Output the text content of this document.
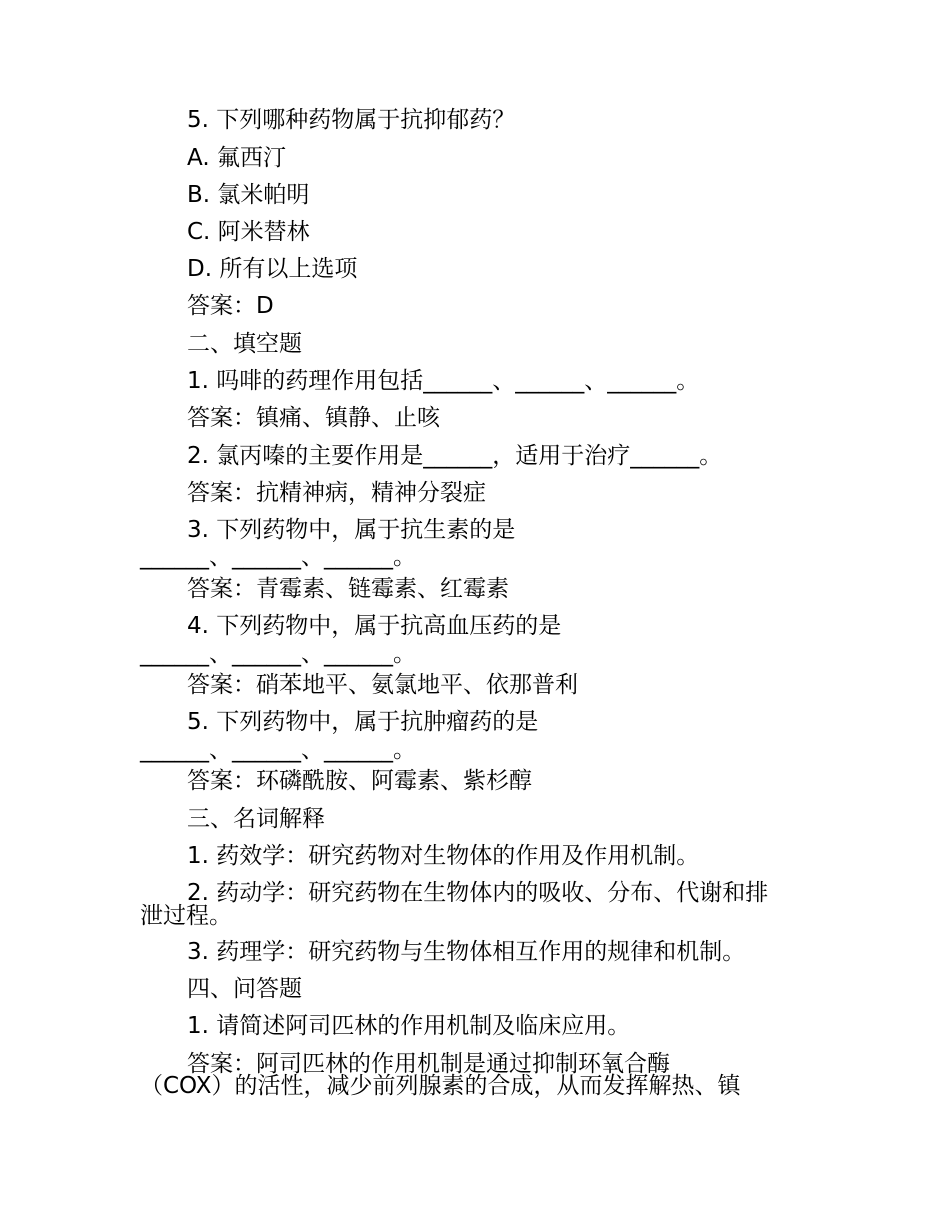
5. 下列哪种药物属于抗抑郁药？
A. 氟西汀
B. 氯米帕明
C. 阿米替林
D. 所有以上选项
答案：D
二、填空题
1. 吗啡的药理作用包括______、______、______。
答案：镇痛、镇静、止咳
2. 氯丙嗪的主要作用是______，适用于治疗______。
答案：抗精神病，精神分裂症
3. 下列药物中，属于抗生素的是
______、______、______。
答案：青霉素、链霉素、红霉素
4. 下列药物中，属于抗高血压药的是
______、______、______。
答案：硝苯地平、氨氯地平、依那普利
5. 下列药物中，属于抗肿瘤药的是
______、______、______。
答案：环磷酰胺、阿霉素、紫杉醇
三、名词解释
1. 药效学：研究药物对生物体的作用及作用机制。
2. 药动学：研究药物在生物体内的吸收、分布、代谢和排
泄过程。
3. 药理学：研究药物与生物体相互作用的规律和机制。
四、问答题
1. 请简述阿司匹林的作用机制及临床应用。
答案：阿司匹林的作用机制是通过抑制环氧合酶
（COX）的活性，减少前列腺素的合成，从而发挥解热、镇
